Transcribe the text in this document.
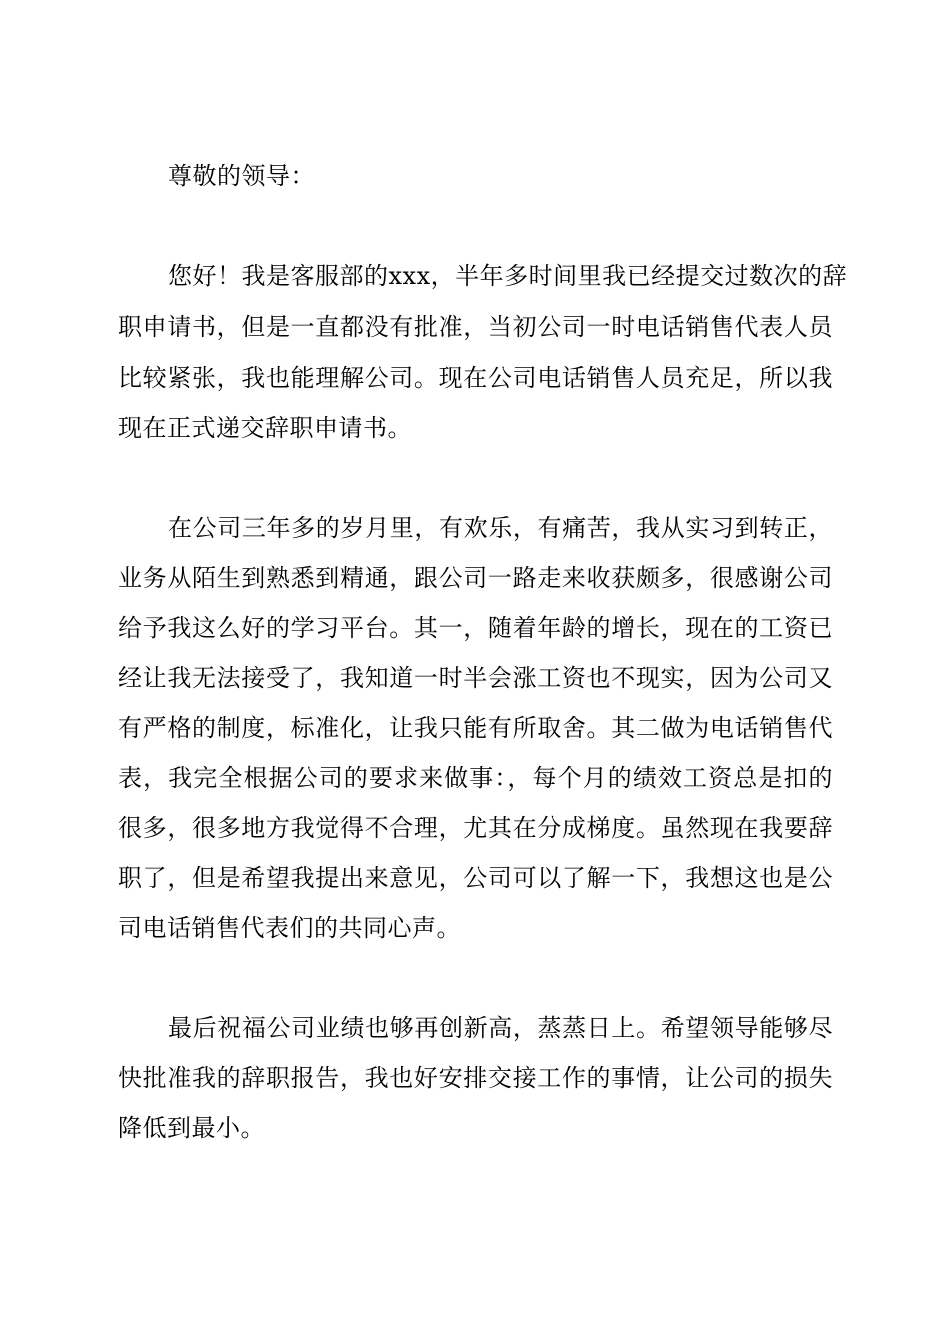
尊敬的领导：

您好！我是客服部的xxx，半年多时间里我已经提交过数次的辞

职申请书，但是一直都没有批准，当初公司一时电话销售代表人员

比较紧张，我也能理解公司。现在公司电话销售人员充足，所以我

现在正式递交辞职申请书。

在公司三年多的岁月里，有欢乐，有痛苦，我从实习到转正，

业务从陌生到熟悉到精通，跟公司一路走来收获颇多，很感谢公司

给予我这么好的学习平台。其一，随着年龄的增长，现在的工资已

经让我无法接受了，我知道一时半会涨工资也不现实，因为公司又

有严格的制度，标准化，让我只能有所取舍。其二做为电话销售代

表，我完全根据公司的要求来做事：，每个月的绩效工资总是扣的

很多，很多地方我觉得不合理，尤其在分成梯度。虽然现在我要辞

职了，但是希望我提出来意见，公司可以了解一下，我想这也是公

司电话销售代表们的共同心声。

最后祝福公司业绩也够再创新高，蒸蒸日上。希望领导能够尽

快批准我的辞职报告，我也好安排交接工作的事情，让公司的损失

降低到最小。
